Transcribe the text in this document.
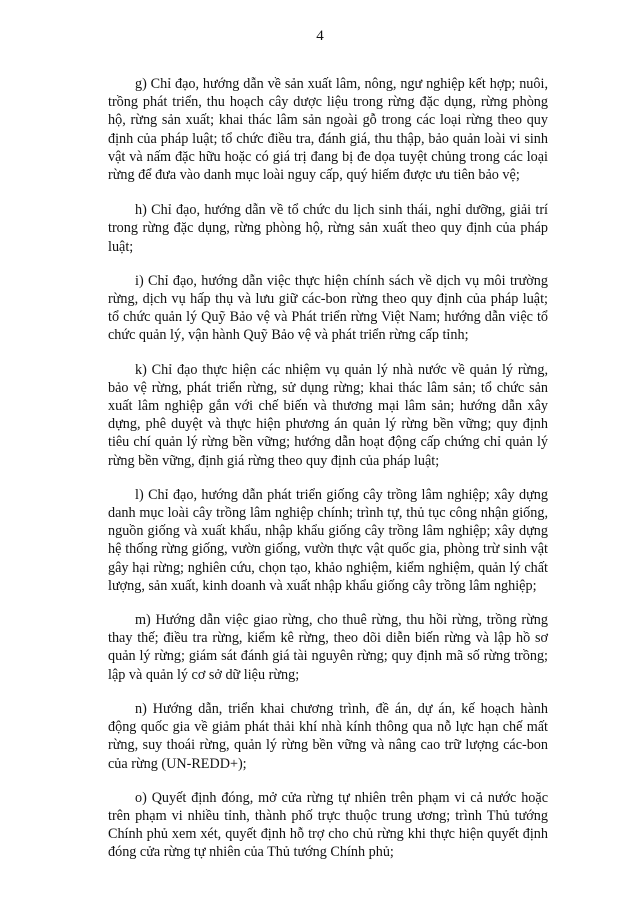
4

g) Chỉ đạo, hướng dẫn về sản xuất lâm, nông, ngư nghiệp kết hợp; nuôi, trồng phát triển, thu hoạch cây dược liệu trong rừng đặc dụng, rừng phòng hộ, rừng sản xuất; khai thác lâm sản ngoài gỗ trong các loại rừng theo quy định của pháp luật; tổ chức điều tra, đánh giá, thu thập, bảo quản loài vi sinh vật và nấm đặc hữu hoặc có giá trị đang bị đe dọa tuyệt chủng trong các loại rừng để đưa vào danh mục loài nguy cấp, quý hiếm được ưu tiên bảo vệ;

h) Chỉ đạo, hướng dẫn về tổ chức du lịch sinh thái, nghỉ dưỡng, giải trí trong rừng đặc dụng, rừng phòng hộ, rừng sản xuất theo quy định của pháp luật;

i) Chỉ đạo, hướng dẫn việc thực hiện chính sách về dịch vụ môi trường rừng, dịch vụ hấp thụ và lưu giữ các-bon rừng theo quy định của pháp luật; tổ chức quản lý Quỹ Bảo vệ và Phát triển rừng Việt Nam; hướng dẫn việc tổ chức quản lý, vận hành Quỹ Bảo vệ và phát triển rừng cấp tỉnh;

k) Chỉ đạo thực hiện các nhiệm vụ quản lý nhà nước về quản lý rừng, bảo vệ rừng, phát triển rừng, sử dụng rừng; khai thác lâm sản; tổ chức sản xuất lâm nghiệp gắn với chế biến và thương mại lâm sản; hướng dẫn xây dựng, phê duyệt và thực hiện phương án quản lý rừng bền vững; quy định tiêu chí quản lý rừng bền vững; hướng dẫn hoạt động cấp chứng chỉ quản lý rừng bền vững, định giá rừng theo quy định của pháp luật;

l) Chỉ đạo, hướng dẫn phát triển giống cây trồng lâm nghiệp; xây dựng danh mục loài cây trồng lâm nghiệp chính; trình tự, thủ tục công nhận giống, nguồn giống và xuất khẩu, nhập khẩu giống cây trồng lâm nghiệp; xây dựng hệ thống rừng giống, vườn giống, vườn thực vật quốc gia, phòng trừ sinh vật gây hại rừng; nghiên cứu, chọn tạo, khảo nghiệm, kiểm nghiệm, quản lý chất lượng, sản xuất, kinh doanh và xuất nhập khẩu giống cây trồng lâm nghiệp;

m) Hướng dẫn việc giao rừng, cho thuê rừng, thu hồi rừng, trồng rừng thay thế; điều tra rừng, kiểm kê rừng, theo dõi diễn biến rừng và lập hồ sơ quản lý rừng; giám sát đánh giá tài nguyên rừng; quy định mã số rừng trồng; lập và quản lý cơ sở dữ liệu rừng;

n) Hướng dẫn, triển khai chương trình, đề án, dự án, kế hoạch hành động quốc gia về giảm phát thải khí nhà kính thông qua nỗ lực hạn chế mất rừng, suy thoái rừng, quản lý rừng bền vững và nâng cao trữ lượng các-bon của rừng (UN-REDD+);

o) Quyết định đóng, mở cửa rừng tự nhiên trên phạm vi cả nước hoặc trên phạm vi nhiều tỉnh, thành phố trực thuộc trung ương; trình Thủ tướng Chính phủ xem xét, quyết định hỗ trợ cho chủ rừng khi thực hiện quyết định đóng cửa rừng tự nhiên của Thủ tướng Chính phủ;
